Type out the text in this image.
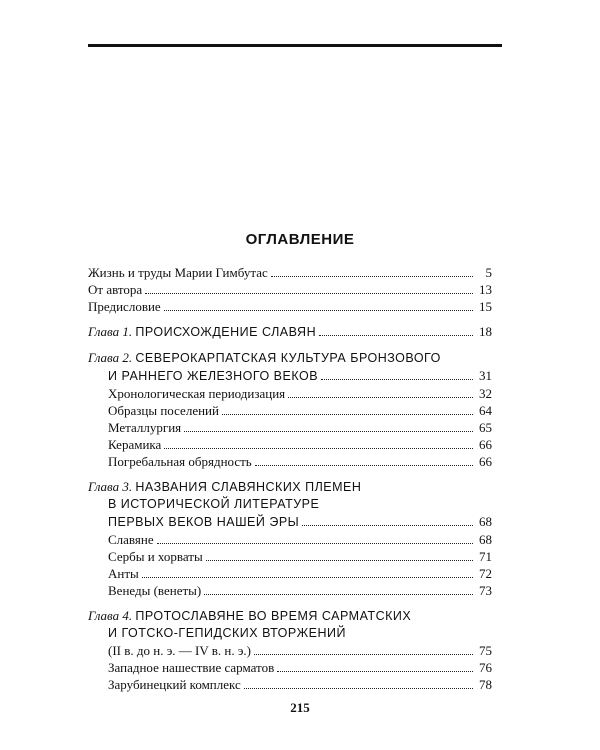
ОГЛАВЛЕНИЕ
Жизнь и труды Марии Гимбутас	5
От автора	13
Предисловие	15
Глава 1.
ПРОИСХОЖДЕНИЕ СЛАВЯН	18
Глава 2.
СЕВЕРОКАРПАТСКАЯ КУЛЬТУРА БРОНЗОВОГО
И РАННЕГО ЖЕЛЕЗНОГО ВЕКОВ	31
Хронологическая периодизация	32
Образцы поселений	64
Металлургия	65
Керамика	66
Погребальная обрядность	66
Глава 3.
НАЗВАНИЯ СЛАВЯНСКИХ ПЛЕМЕН
В ИСТОРИЧЕСКОЙ ЛИТЕРАТУРЕ
ПЕРВЫХ ВЕКОВ НАШЕЙ ЭРЫ	68
Славяне	68
Сербы и хорваты	71
Анты	72
Венеды (венеты)	73
Глава 4.
ПРОТОСЛАВЯНЕ ВО ВРЕМЯ САРМАТСКИХ
И ГОТСКО-ГЕПИДСКИХ ВТОРЖЕНИЙ
(II в. до н. э. — IV в. н. э.)	75
Западное нашествие сарматов	76
Зарубинецкий комплекс	78
215
